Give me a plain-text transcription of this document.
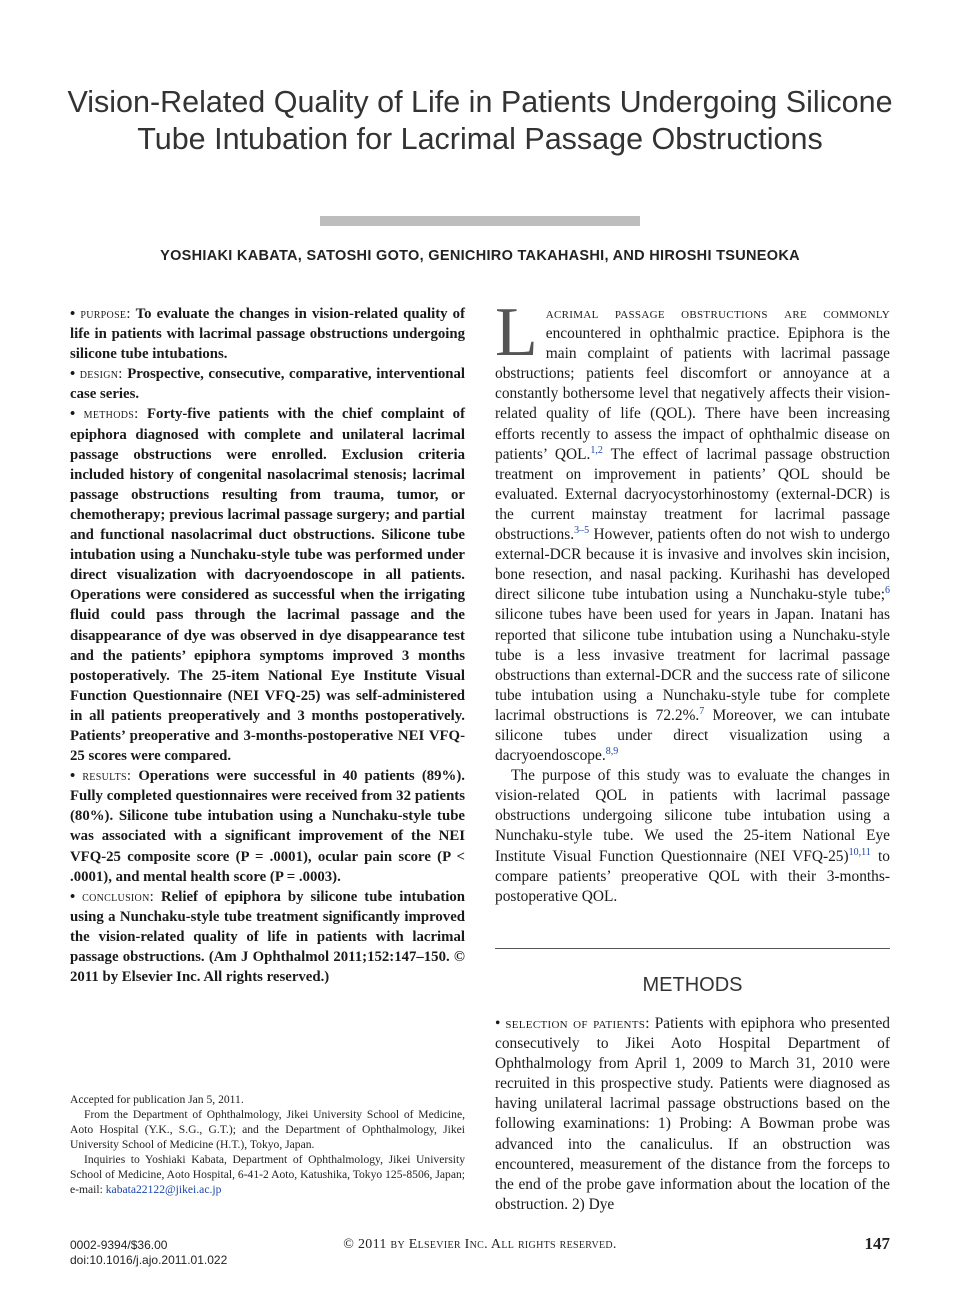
Vision-Related Quality of Life in Patients Undergoing Silicone Tube Intubation for Lacrimal Passage Obstructions
YOSHIAKI KABATA, SATOSHI GOTO, GENICHIRO TAKAHASHI, AND HIROSHI TSUNEOKA

• purpose: To evaluate the changes in vision-related quality of life in patients with lacrimal passage obstructions undergoing silicone tube intubations.

• design: Prospective, consecutive, comparative, interventional case series.

• methods: Forty-five patients with the chief complaint of epiphora diagnosed with complete and unilateral lacrimal passage obstructions were enrolled. Exclusion criteria included history of congenital nasolacrimal stenosis; lacrimal passage obstructions resulting from trauma, tumor, or chemotherapy; previous lacrimal passage surgery; and partial and functional nasolacrimal duct obstructions. Silicone tube intubation using a Nunchaku-style tube was performed under direct visualization with dacryoendoscope in all patients. Operations were considered as successful when the irrigating fluid could pass through the lacrimal passage and the disappearance of dye was observed in dye disappearance test and the patients’ epiphora symptoms improved 3 months postoperatively. The 25-item National Eye Institute Visual Function Questionnaire (NEI VFQ-25) was self-administered in all patients preoperatively and 3 months postoperatively. Patients’ preoperative and 3-months-postoperative NEI VFQ-25 scores were compared.

• results: Operations were successful in 40 patients (89%). Fully completed questionnaires were received from 32 patients (80%). Silicone tube intubation using a Nunchaku-style tube was associated with a significant improvement of the NEI VFQ-25 composite score (P = .0001), ocular pain score (P < .0001), and mental health score (P = .0003).

• conclusion: Relief of epiphora by silicone tube intubation using a Nunchaku-style tube treatment significantly improved the vision-related quality of life in patients with lacrimal passage obstructions. (Am J Ophthalmol 2011;152:147–150. © 2011 by Elsevier Inc. All rights reserved.)

Accepted for publication Jan 5, 2011.

From the Department of Ophthalmology, Jikei University School of Medicine, Aoto Hospital (Y.K., S.G., G.T.); and the Department of Ophthalmology, Jikei University School of Medicine (H.T.), Tokyo, Japan.

Inquiries to Yoshiaki Kabata, Department of Ophthalmology, Jikei University School of Medicine, Aoto Hospital, 6-41-2 Aoto, Katushika, Tokyo 125-8506, Japan; e-mail: kabata22122@jikei.ac.jp

Lacrimal passage obstructions are commonly encountered in ophthalmic practice. Epiphora is the main complaint of patients with lacrimal passage obstructions; patients feel discomfort or annoyance at a constantly bothersome level that negatively affects their vision-related quality of life (QOL). There have been increasing efforts recently to assess the impact of ophthalmic disease on patients’ QOL.$^{1,2}$ The effect of lacrimal passage obstruction treatment on improvement in patients’ QOL should be evaluated. External dacryocystorhinostomy (external-DCR) is the current mainstay treatment for lacrimal passage obstructions.$^{3-5}$ However, patients often do not wish to undergo external-DCR because it is invasive and involves skin incision, bone resection, and nasal packing. Kurihashi has developed direct silicone tube intubation using a Nunchaku-style tube;$^6$ silicone tubes have been used for years in Japan. Inatani has reported that silicone tube intubation using a Nunchaku-style tube is a less invasive treatment for lacrimal passage obstructions than external-DCR and the success rate of silicone tube intubation using a Nunchaku-style tube for complete lacrimal obstructions is 72.2%.$^7$ Moreover, we can intubate silicone tubes under direct visualization using a dacryoendoscope.$^{8,9}$

The purpose of this study was to evaluate the changes in vision-related QOL in patients with lacrimal passage obstructions undergoing silicone tube intubation using a Nunchaku-style tube. We used the 25-item National Eye Institute Visual Function Questionnaire (NEI VFQ-25)$^{10,11}$ to compare patients’ preoperative QOL with their 3-months-postoperative QOL.

METHODS

• selection of patients: Patients with epiphora who presented consecutively to Jikei Aoto Hospital Department of Ophthalmology from April 1, 2009 to March 31, 2010 were recruited in this prospective study. Patients were diagnosed as having unilateral lacrimal passage obstructions based on the following examinations: 1) Probing: A Bowman probe was advanced into the canaliculus. If an obstruction was encountered, measurement of the distance from the forceps to the end of the probe gave information about the location of the obstruction. 2) Dye

0002-9394/$36.00
doi:10.1016/j.ajo.2011.01.022
© 2011 by Elsevier Inc. All rights reserved.	147
